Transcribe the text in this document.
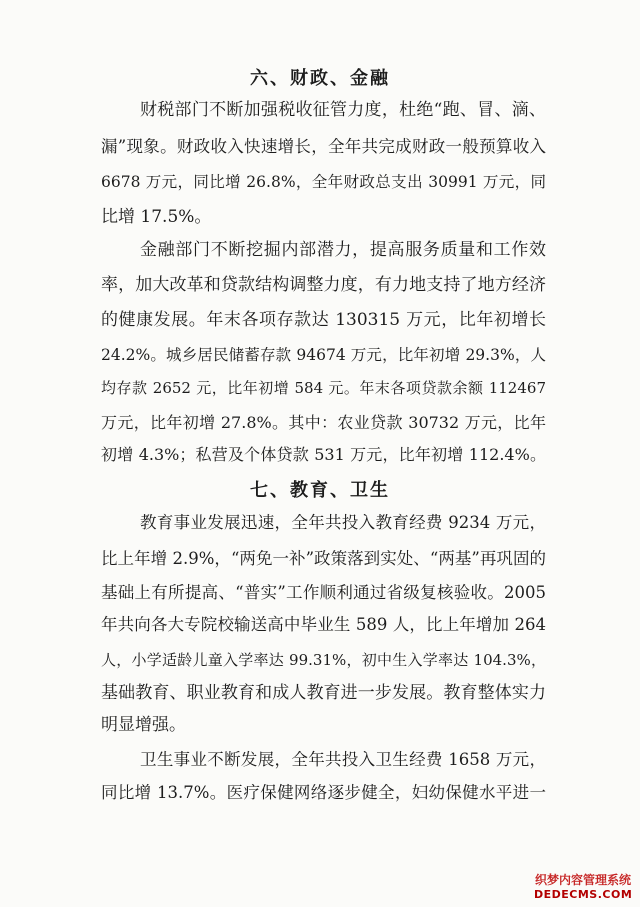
六、财政、金融
财税部门不断加强税收征管力度，杜绝“跑、冒、滴、
漏”现象。财政收入快速增长，全年共完成财政一般预算收入
6678 万元，同比增 26.8%，全年财政总支出 30991 万元，同
比增 17.5%。
金融部门不断挖掘内部潜力，提高服务质量和工作效
率，加大改革和贷款结构调整力度，有力地支持了地方经济
的健康发展。年末各项存款达 130315 万元，比年初增长
24.2%。城乡居民储蓄存款 94674 万元，比年初增 29.3%，人
均存款 2652 元，比年初增 584 元。年末各项贷款余额 112467
万元，比年初增 27.8%。其中：农业贷款 30732 万元，比年
初增 4.3%；私营及个体贷款 531 万元，比年初增 112.4%。
七、教育、卫生
教育事业发展迅速，全年共投入教育经费 9234 万元，
比上年增 2.9%，“两免一补”政策落到实处、“两基”再巩固的
基础上有所提高、“普实”工作顺利通过省级复核验收。2005
年共向各大专院校输送高中毕业生 589 人，比上年增加 264
人，小学适龄儿童入学率达 99.31%，初中生入学率达 104.3%，
基础教育、职业教育和成人教育进一步发展。教育整体实力
明显增强。
卫生事业不断发展，全年共投入卫生经费 1658 万元，
同比增 13.7%。医疗保健网络逐步健全，妇幼保健水平进一
织梦内容管理系统
DEDECMS.COM
